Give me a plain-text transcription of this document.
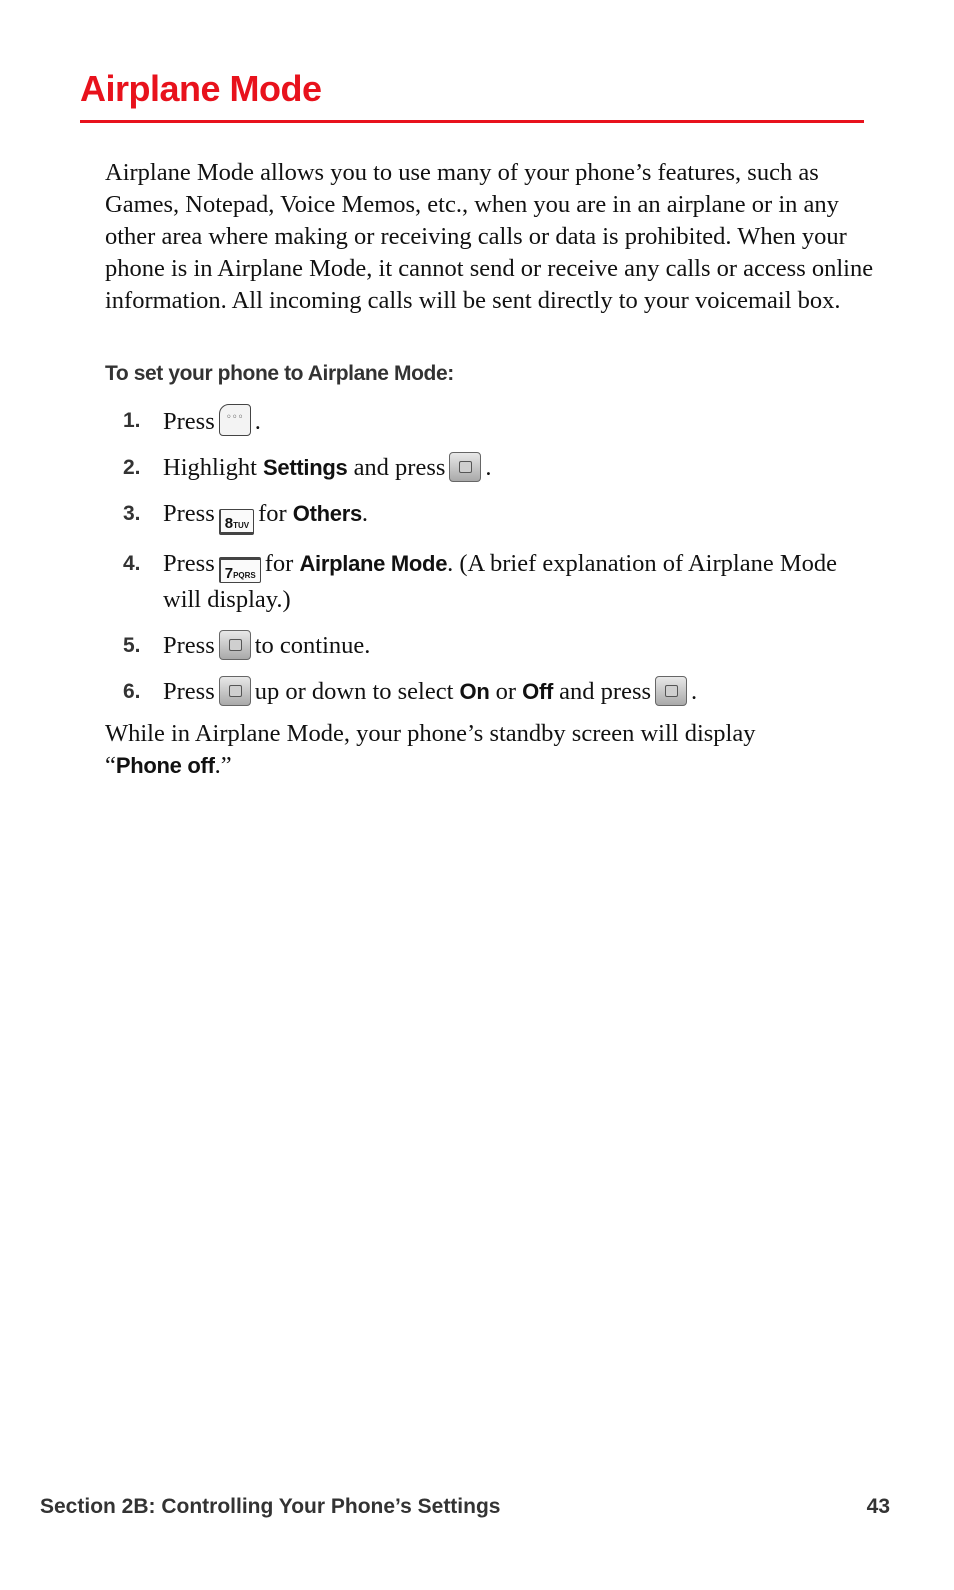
Airplane Mode
Airplane Mode allows you to use many of your phone’s features, such as Games, Notepad, Voice Memos, etc., when you are in an airplane or in any other area where making or receiving calls or data is prohibited. When your phone is in Airplane Mode, it cannot send or receive any calls or access online information. All incoming calls will be sent directly to your voicemail box.
To set your phone to Airplane Mode:
1. Press◦◦◦ .
2. Highlight Settings and press .
3. Press 8TUV for Others.
4. Press 7PQRS for Airplane Mode. (A brief explanation of Airplane Mode will display.)
5. Press to continue.
6. Press up or down to select On or Off and press .
While in Airplane Mode, your phone’s standby screen will display “Phone off.”
Section 2B: Controlling Your Phone’s Settings	43
